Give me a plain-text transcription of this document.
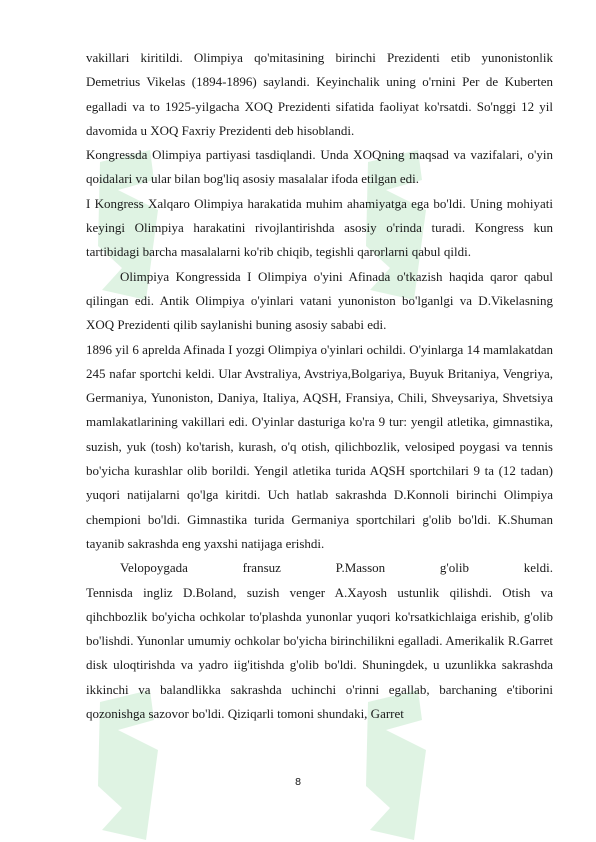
vakillari kiritildi. Olimpiya qo'mitasining birinchi Prezidenti etib yunonistonlik Demetrius Vikelas (1894-1896) saylandi. Keyinchalik uning o'rnini Per de Kuberten egalladi va to 1925-yilgacha XOQ Prezidenti sifatida faoliyat ko'rsatdi. So'nggi 12 yil davomida u XOQ Faxriy Prezidenti deb hisoblandi.

Kongressda Olimpiya partiyasi tasdiqlandi. Unda XOQning maqsad va vazifalari, o'yin qoidalari va ular bilan bog'liq asosiy masalalar ifoda etilgan edi.

I Kongress Xalqaro Olimpiya harakatida muhim ahamiyatga ega bo'ldi. Uning mohiyati keyingi Olimpiya harakatini rivojlantirishda asosiy o'rinda turadi. Kongress kun tartibidagi barcha masalalarni ko'rib chiqib, tegishli qarorlarni qabul qildi.

Olimpiya Kongressida I Olimpiya o'yini Afinada o'tkazish haqida qaror qabul qilingan edi. Antik Olimpiya o'yinlari vatani yunoniston bo'lganlgi va D.Vikelasning XOQ Prezidenti qilib saylanishi buning asosiy sababi edi.

1896 yil 6 aprelda Afinada I yozgi Olimpiya o'yinlari ochildi. O'yinlarga 14 mamlakatdan 245 nafar sportchi keldi. Ular Avstraliya, Avstriya,Bolgariya, Buyuk Britaniya, Vengriya, Germaniya, Yunoniston, Daniya, Italiya, AQSH, Fransiya, Chili, Shveysariya, Shvetsiya mamlakatlarining vakillari edi. O'yinlar dasturiga ko'ra 9 tur: yengil atletika, gimnastika, suzish, yuk (tosh) ko'tarish, kurash, o'q otish, qilichbozlik, velosiped poygasi va tennis bo'yicha kurashlar olib borildi. Yengil atletika turida AQSH sportchilari 9 ta (12 tadan) yuqori natijalarni qo'lga kiritdi. Uch hatlab sakrashda D.Konnoli birinchi Olimpiya chempioni bo'ldi. Gimnastika turida Germaniya sportchilari g'olib bo'ldi. K.Shuman tayanib sakrashda eng yaxshi natijaga erishdi.

Velopoygada fransuz P.Masson g'olib keldi.

Tennisda ingliz D.Boland, suzish venger A.Xayosh ustunlik qilishdi. Otish va qihchbozlik bo'yicha ochkolar to'plashda yunonlar yuqori ko'rsatkichlaiga erishib, g'olib bo'lishdi. Yunonlar umumiy ochkolar bo'yicha birinchilikni egalladi. Amerikalik R.Garret disk uloqtirishda va yadro iig'itishda g'olib bo'ldi. Shuningdek, u uzunlikka sakrashda ikkinchi va balandlikka sakrashda uchinchi o'rinni egallab, barchaning e'tiborini qozonishga sazovor bo'ldi. Qiziqarli tomoni shundaki, Garret

8
